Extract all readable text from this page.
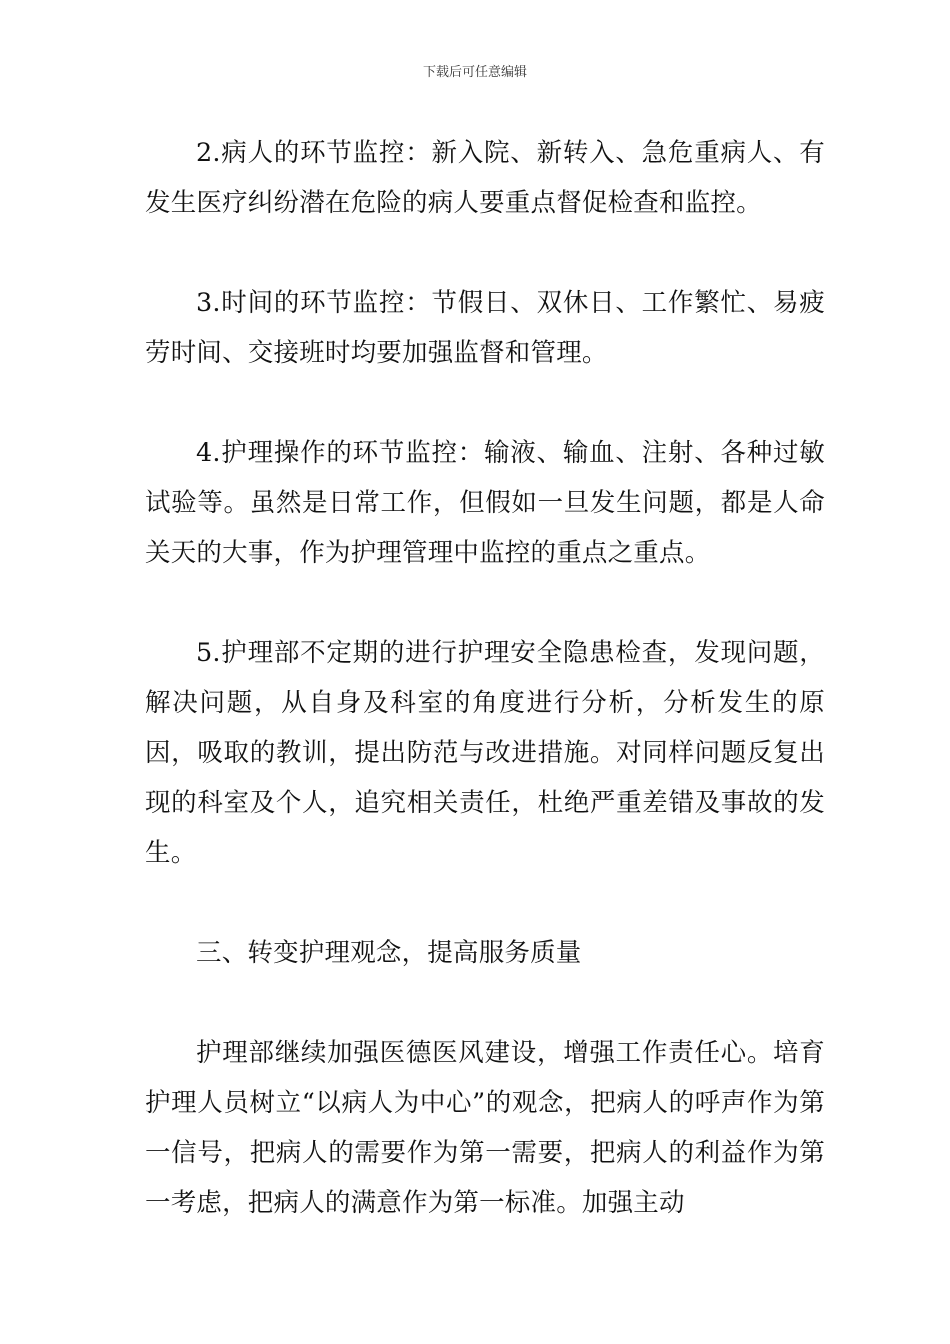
下载后可任意编辑

2.病人的环节监控：新入院、新转入、急危重病人、有发生医疗纠纷潜在危险的病人要重点督促检查和监控。

3.时间的环节监控：节假日、双休日、工作繁忙、易疲劳时间、交接班时均要加强监督和管理。

4.护理操作的环节监控：输液、输血、注射、各种过敏试验等。虽然是日常工作，但假如一旦发生问题，都是人命关天的大事，作为护理管理中监控的重点之重点。

5.护理部不定期的进行护理安全隐患检查，发现问题，解决问题，从自身及科室的角度进行分析，分析发生的原因，吸取的教训，提出防范与改进措施。对同样问题反复出现的科室及个人，追究相关责任，杜绝严重差错及事故的发生。

三、转变护理观念，提高服务质量

护理部继续加强医德医风建设，增强工作责任心。培育护理人员树立“以病人为中心”的观念，把病人的呼声作为第一信号，把病人的需要作为第一需要，把病人的利益作为第一考虑，把病人的满意作为第一标准。加强主动
